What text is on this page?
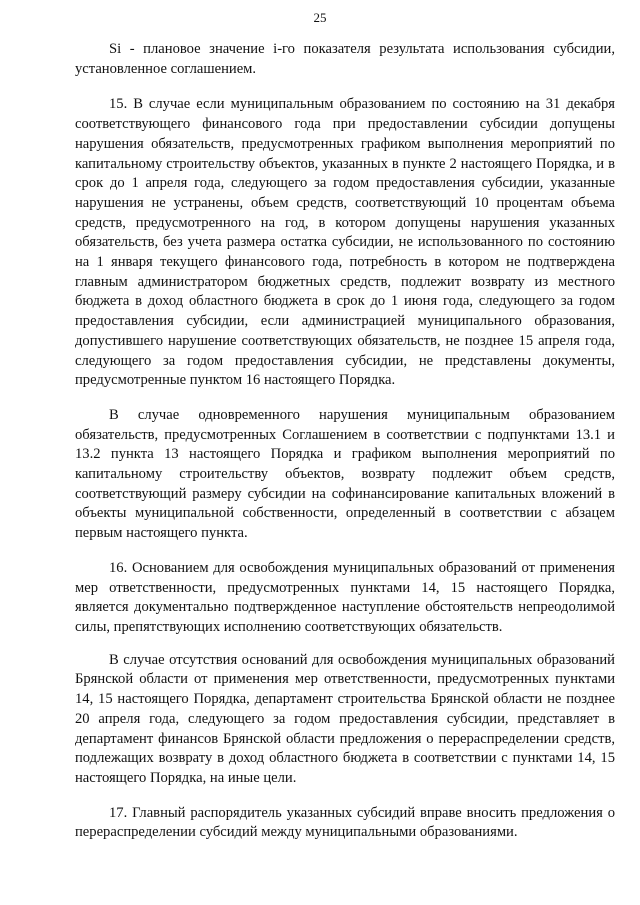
25

Si - плановое значение i-го показателя результата использования субсидии, установленное соглашением.

15. В случае если муниципальным образованием по состоянию на 31 декабря соответствующего финансового года при предоставлении субсидии допущены нарушения обязательств, предусмотренных графиком выполнения мероприятий по капитальному строительству объектов, указанных в пункте 2 настоящего Порядка, и в срок до 1 апреля года, следующего за годом предоставления субсидии, указанные нарушения не устранены, объем средств, соответствующий 10 процентам объема средств, предусмотренного на год, в котором допущены нарушения указанных обязательств, без учета размера остатка субсидии, не использованного по состоянию на 1 января текущего финансового года, потребность в котором не подтверждена главным администратором бюджетных средств, подлежит возврату из местного бюджета в доход областного бюджета в срок до 1 июня года, следующего за годом предоставления субсидии, если администрацией муниципального образования, допустившего нарушение соответствующих обязательств, не позднее 15 апреля года, следующего за годом предоставления субсидии, не представлены документы, предусмотренные пунктом 16 настоящего Порядка.

В случае одновременного нарушения муниципальным образованием обязательств, предусмотренных Соглашением в соответствии с подпунктами 13.1 и 13.2 пункта 13 настоящего Порядка и графиком выполнения мероприятий по капитальному строительству объектов, возврату подлежит объем средств, соответствующий размеру субсидии на софинансирование капитальных вложений в объекты муниципальной собственности, определенный в соответствии с абзацем первым настоящего пункта.

16. Основанием для освобождения муниципальных образований от применения мер ответственности, предусмотренных пунктами 14, 15 настоящего Порядка, является документально подтвержденное наступление обстоятельств непреодолимой силы, препятствующих исполнению соответствующих обязательств.

В случае отсутствия оснований для освобождения муниципальных образований Брянской области от применения мер ответственности, предусмотренных пунктами 14, 15 настоящего Порядка, департамент строительства Брянской области не позднее 20 апреля года, следующего за годом предоставления субсидии, представляет в департамент финансов Брянской области предложения о перераспределении средств, подлежащих возврату в доход областного бюджета в соответствии с пунктами 14, 15 настоящего Порядка, на иные цели.

17. Главный распорядитель указанных субсидий вправе вносить предложения о перераспределении субсидий между муниципальными образованиями.
